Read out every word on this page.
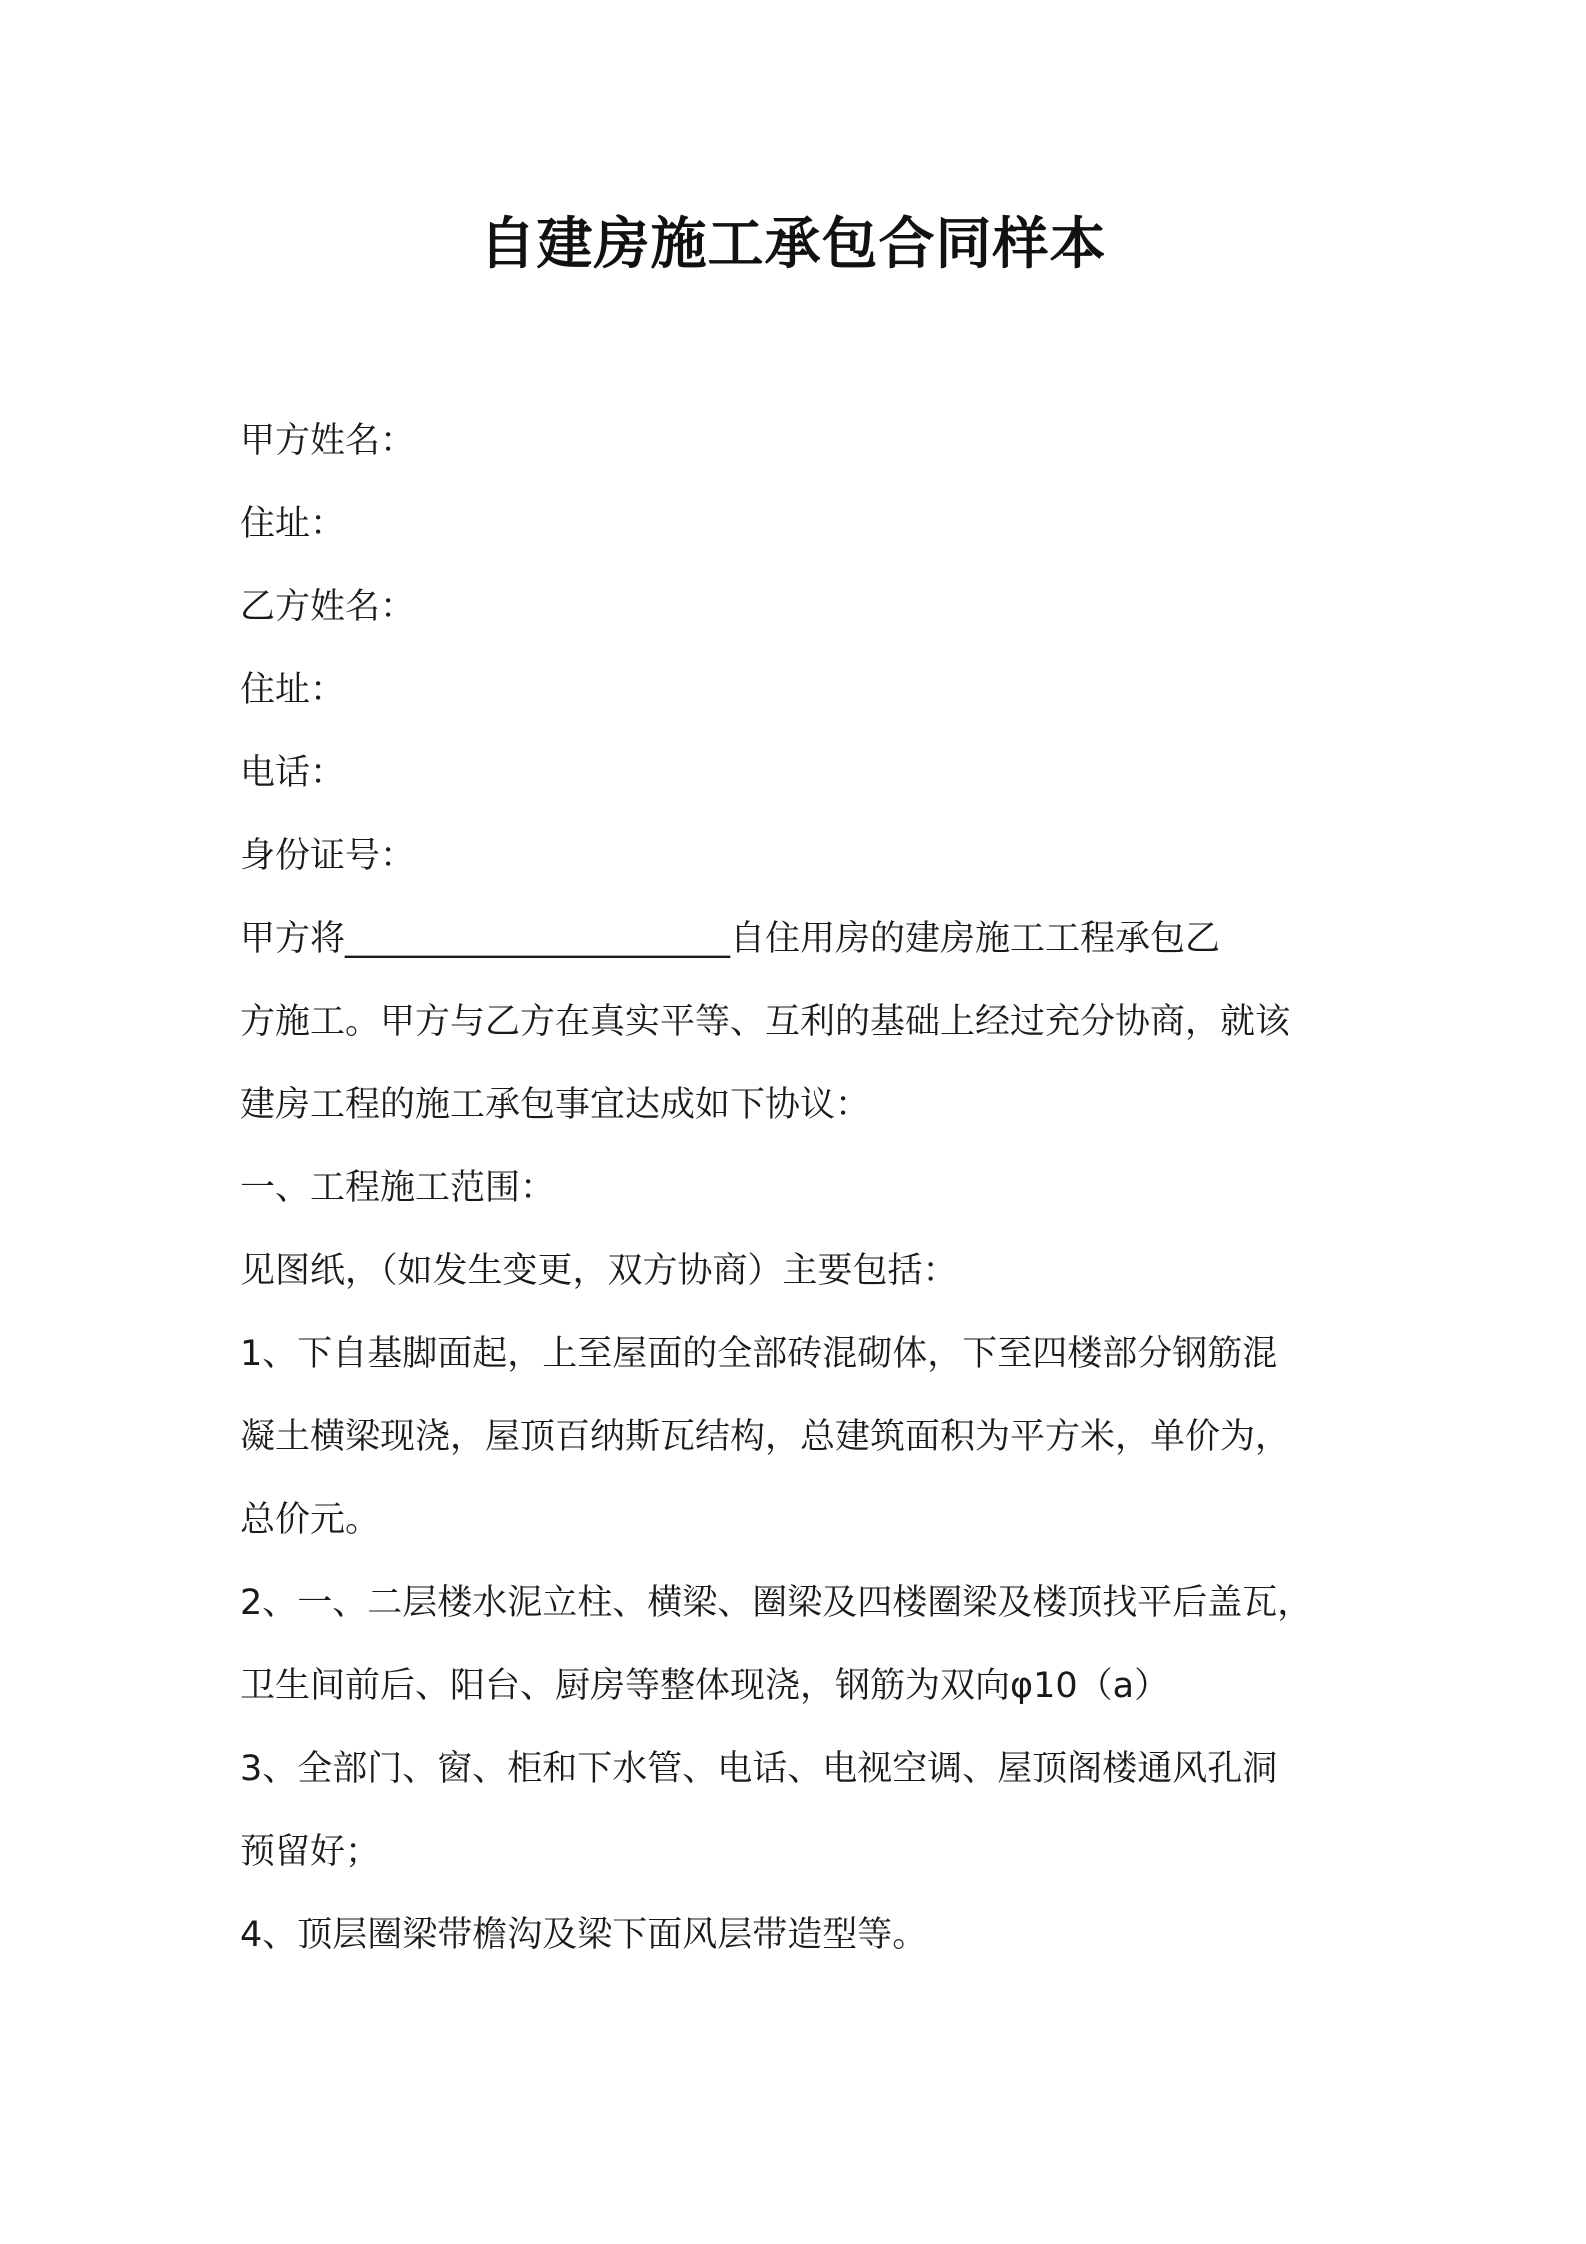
自建房施工承包合同样本
甲方姓名：
住址：
乙方姓名：
住址：
电话：
身份证号：
甲方将______________________自住用房的建房施工工程承包乙
方施工。甲方与乙方在真实平等、互利的基础上经过充分协商，就该
建房工程的施工承包事宜达成如下协议：
一、工程施工范围：
见图纸，（如发生变更，双方协商）主要包括：
1、下自基脚面起，上至屋面的全部砖混砌体，下至四楼部分钢筋混
凝土横梁现浇，屋顶百纳斯瓦结构，总建筑面积为平方米，单价为，
总价元。
2、一、二层楼水泥立柱、横梁、圈梁及四楼圈梁及楼顶找平后盖瓦，
卫生间前后、阳台、厨房等整体现浇，钢筋为双向φ10（a）
3、全部门、窗、柜和下水管、电话、电视空调、屋顶阁楼通风孔洞
预留好；
4、顶层圈梁带檐沟及梁下面风层带造型等。
